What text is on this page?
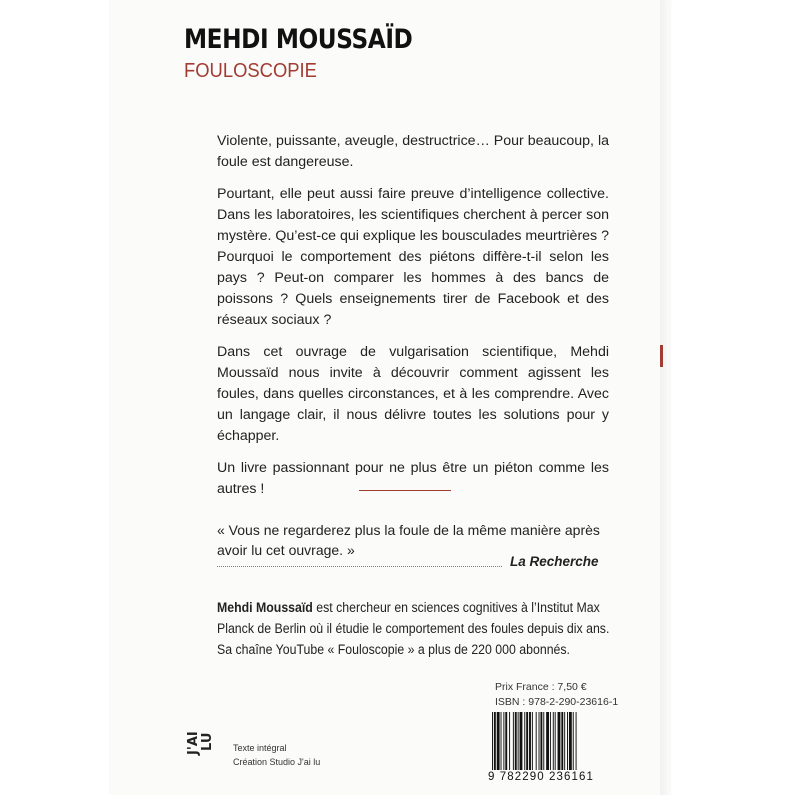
MEHDI MOUSSAÏD
FOULOSCOPIE

Violente, puissante, aveugle, destructrice… Pour beaucoup, la foule est dangereuse.

Pourtant, elle peut aussi faire preuve d’intelligence collective. Dans les laboratoires, les scientifiques cherchent à percer son mystère. Qu’est-ce qui explique les bousculades meurtrières ? Pourquoi le comportement des piétons diffère-t-il selon les pays ? Peut-on comparer les hommes à des bancs de poissons ? Quels enseignements tirer de Facebook et des réseaux sociaux ?

Dans cet ouvrage de vulgarisation scientifique, Mehdi Moussaïd nous invite à découvrir comment agissent les foules, dans quelles circonstances, et à les comprendre. Avec un langage clair, il nous délivre toutes les solutions pour y échapper.

Un livre passionnant pour ne plus être un piéton comme les autres !

« Vous ne regarderez plus la foule de la même manière après avoir lu cet ouvrage. »
La Recherche
Mehdi Moussaïd est chercheur en sciences cognitives à l’Institut Max Planck de Berlin où il étudie le comportement des foules depuis dix ans. Sa chaîne YouTube « Fouloscopie » a plus de 220 000 abonnés.
Prix France : 7,50 €
ISBN : 978-2-290-23616-1
9 782290 236161
J'AI LU Texte intégral
Création Studio J'ai lu
